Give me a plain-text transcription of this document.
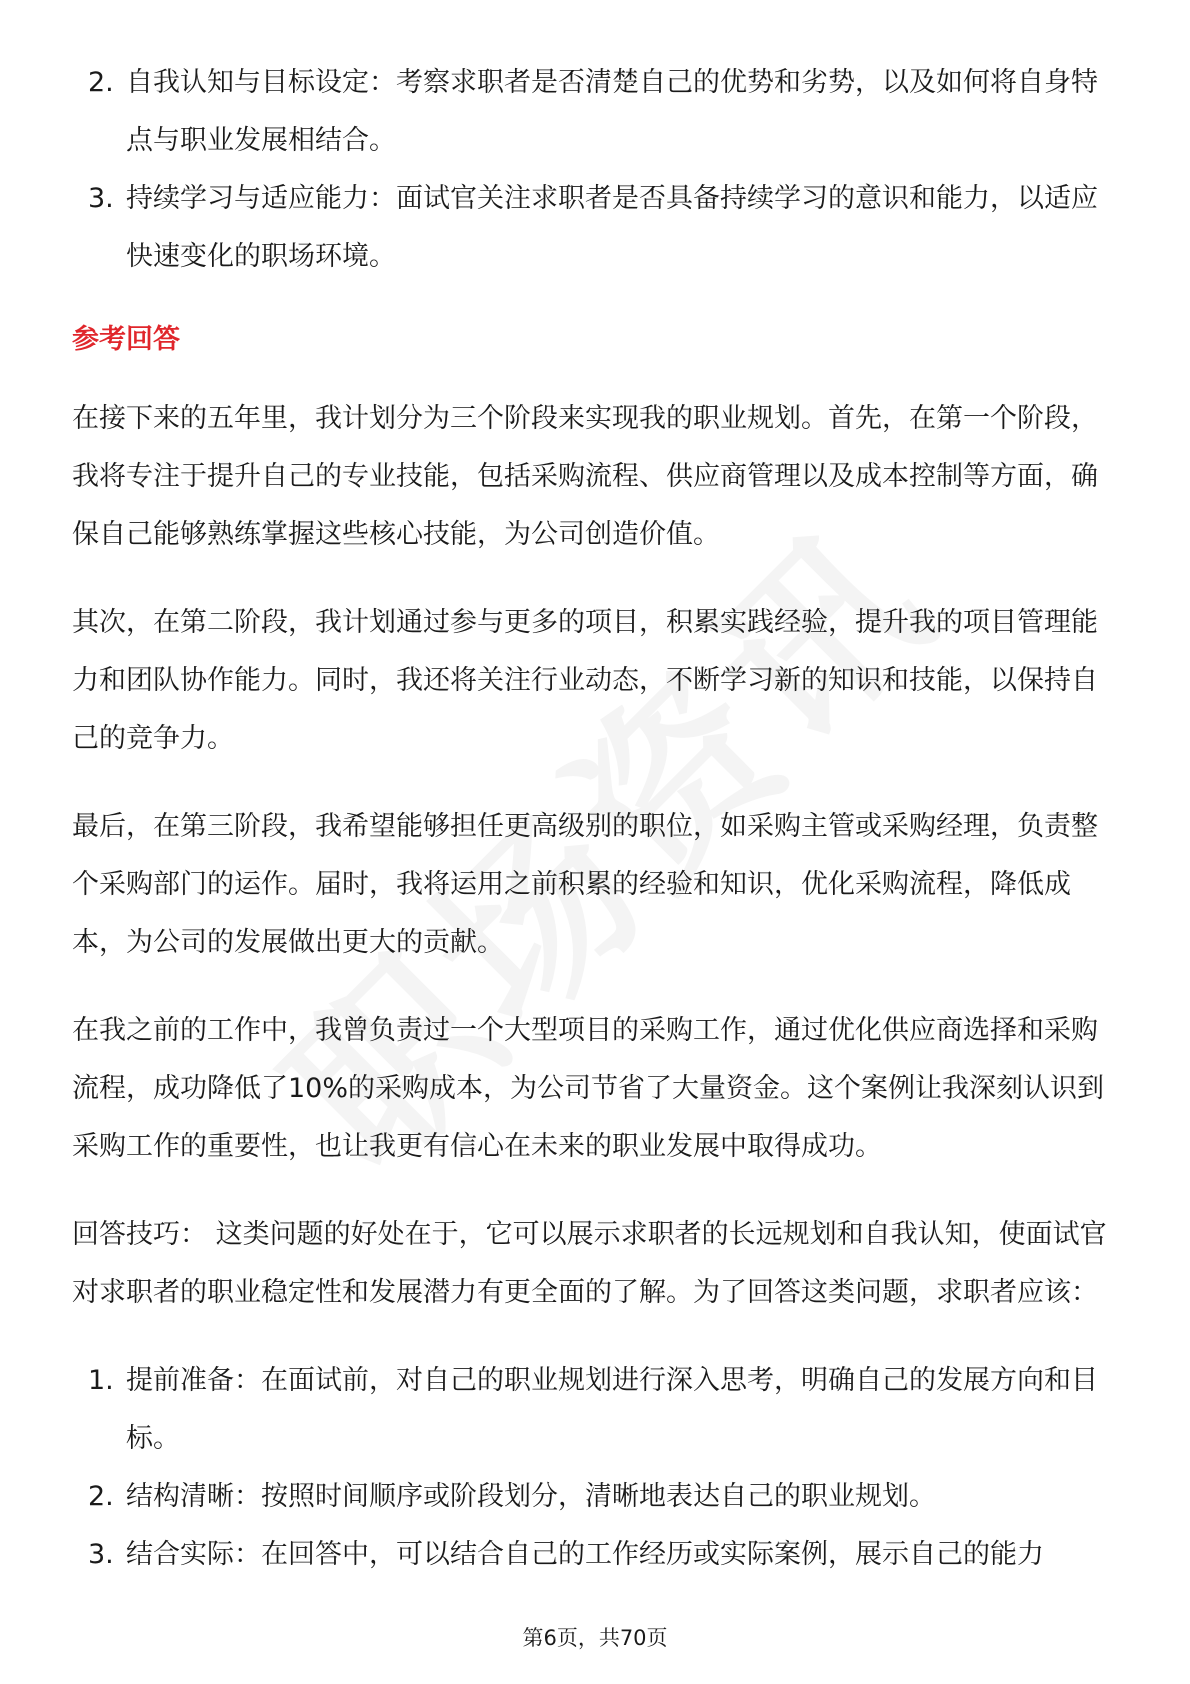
2. 自我认知与目标设定：考察求职者是否清楚自己的优势和劣势，以及如何将自身特点与职业发展相结合。
3. 持续学习与适应能力：面试官关注求职者是否具备持续学习的意识和能力，以适应快速变化的职场环境。
参考回答

在接下来的五年里，我计划分为三个阶段来实现我的职业规划。首先，在第一个阶段，我将专注于提升自己的专业技能，包括采购流程、供应商管理以及成本控制等方面，确保自己能够熟练掌握这些核心技能，为公司创造价值。

其次，在第二阶段，我计划通过参与更多的项目，积累实践经验，提升我的项目管理能力和团队协作能力。同时，我还将关注行业动态，不断学习新的知识和技能，以保持自己的竞争力。

最后，在第三阶段，我希望能够担任更高级别的职位，如采购主管或采购经理，负责整个采购部门的运作。届时，我将运用之前积累的经验和知识，优化采购流程，降低成本，为公司的发展做出更大的贡献。

在我之前的工作中，我曾负责过一个大型项目的采购工作，通过优化供应商选择和采购流程，成功降低了10%的采购成本，为公司节省了大量资金。这个案例让我深刻认识到采购工作的重要性，也让我更有信心在未来的职业发展中取得成功。

回答技巧： 这类问题的好处在于，它可以展示求职者的长远规划和自我认知，使面试官对求职者的职业稳定性和发展潜力有更全面的了解。为了回答这类问题，求职者应该：

1. 提前准备：在面试前，对自己的职业规划进行深入思考，明确自己的发展方向和目标。
2. 结构清晰：按照时间顺序或阶段划分，清晰地表达自己的职业规划。
3. 结合实际：在回答中，可以结合自己的工作经历或实际案例，展示自己的能力
第6页，共70页
